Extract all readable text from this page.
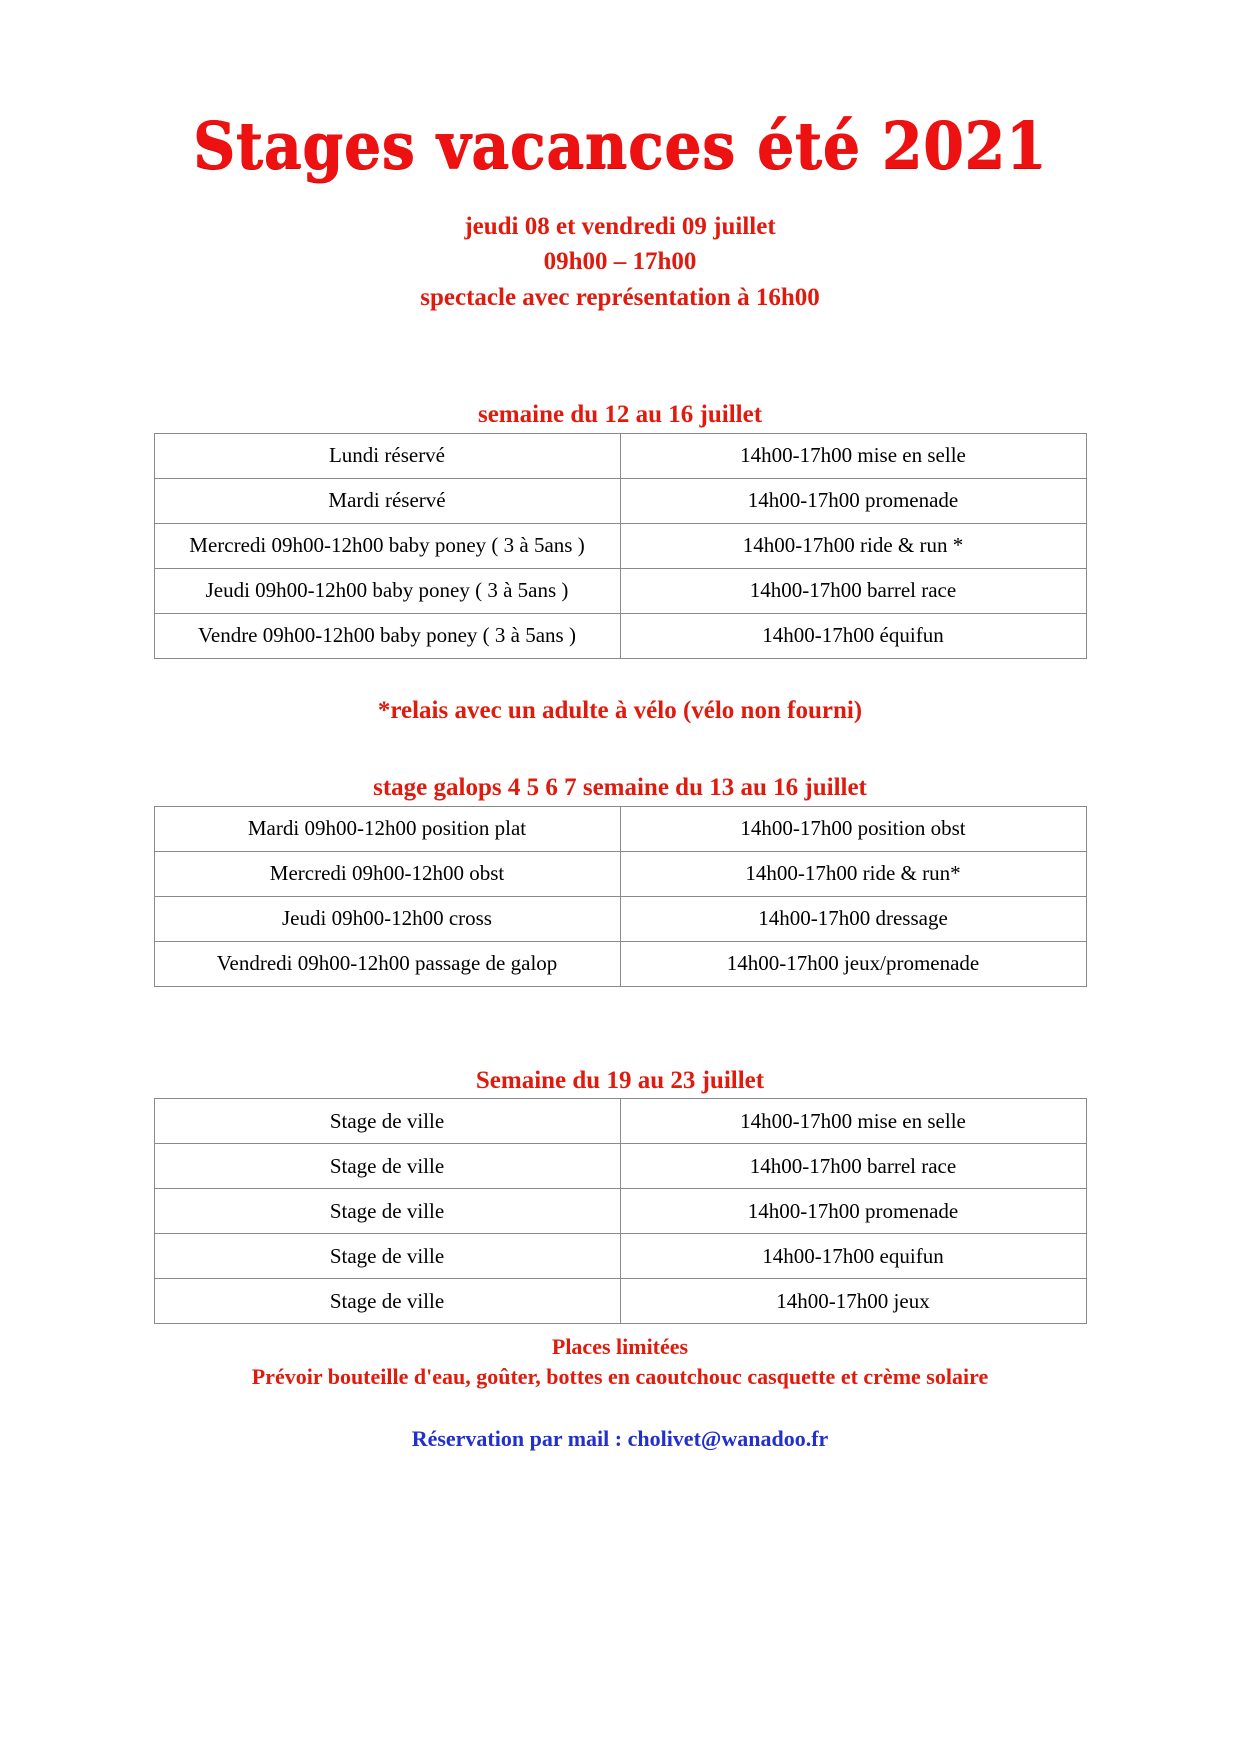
Stages vacances été 2021
jeudi 08 et vendredi 09 juillet
09h00 – 17h00
spectacle avec représentation à 16h00
semaine du 12 au 16 juillet
Lundi réservé	14h00-17h00 mise en selle
Mardi réservé	14h00-17h00 promenade
Mercredi 09h00-12h00 baby poney ( 3 à 5ans )	14h00-17h00 ride & run *
Jeudi 09h00-12h00 baby poney ( 3 à 5ans )	14h00-17h00 barrel race
Vendre 09h00-12h00 baby poney ( 3 à 5ans )	14h00-17h00 équifun
*relais avec un adulte à vélo (vélo non fourni)
stage galops 4 5 6 7 semaine du 13 au 16 juillet
Mardi 09h00-12h00 position plat	14h00-17h00 position obst
Mercredi 09h00-12h00 obst	14h00-17h00 ride & run*
Jeudi 09h00-12h00 cross	14h00-17h00 dressage
Vendredi 09h00-12h00 passage de galop	14h00-17h00 jeux/promenade
Semaine du 19 au 23 juillet
Stage de ville	14h00-17h00 mise en selle
Stage de ville	14h00-17h00 barrel race
Stage de ville	14h00-17h00 promenade
Stage de ville	14h00-17h00 equifun
Stage de ville	14h00-17h00 jeux
Places limitées
Prévoir bouteille d'eau, goûter, bottes en caoutchouc casquette et crème solaire
Réservation par mail : cholivet@wanadoo.fr
